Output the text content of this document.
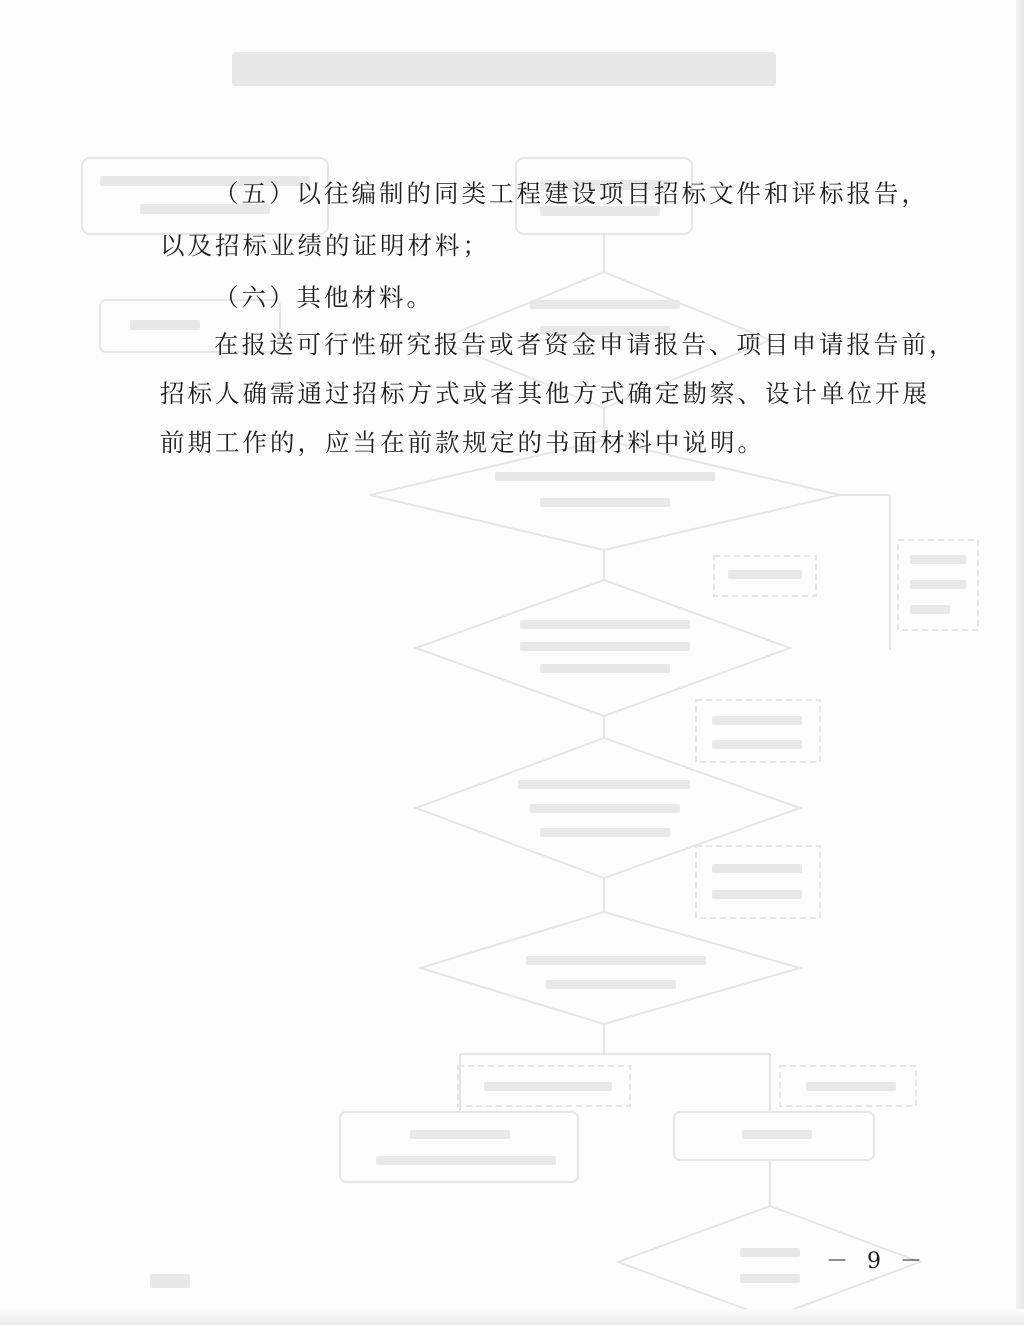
（五）以往编制的同类工程建设项目招标文件和评标报告，

以及招标业绩的证明材料；

（六）其他材料。

在报送可行性研究报告或者资金申请报告、项目申请报告前，

招标人确需通过招标方式或者其他方式确定勘察、设计单位开展

前期工作的，应当在前款规定的书面材料中说明。

－ 9 －
